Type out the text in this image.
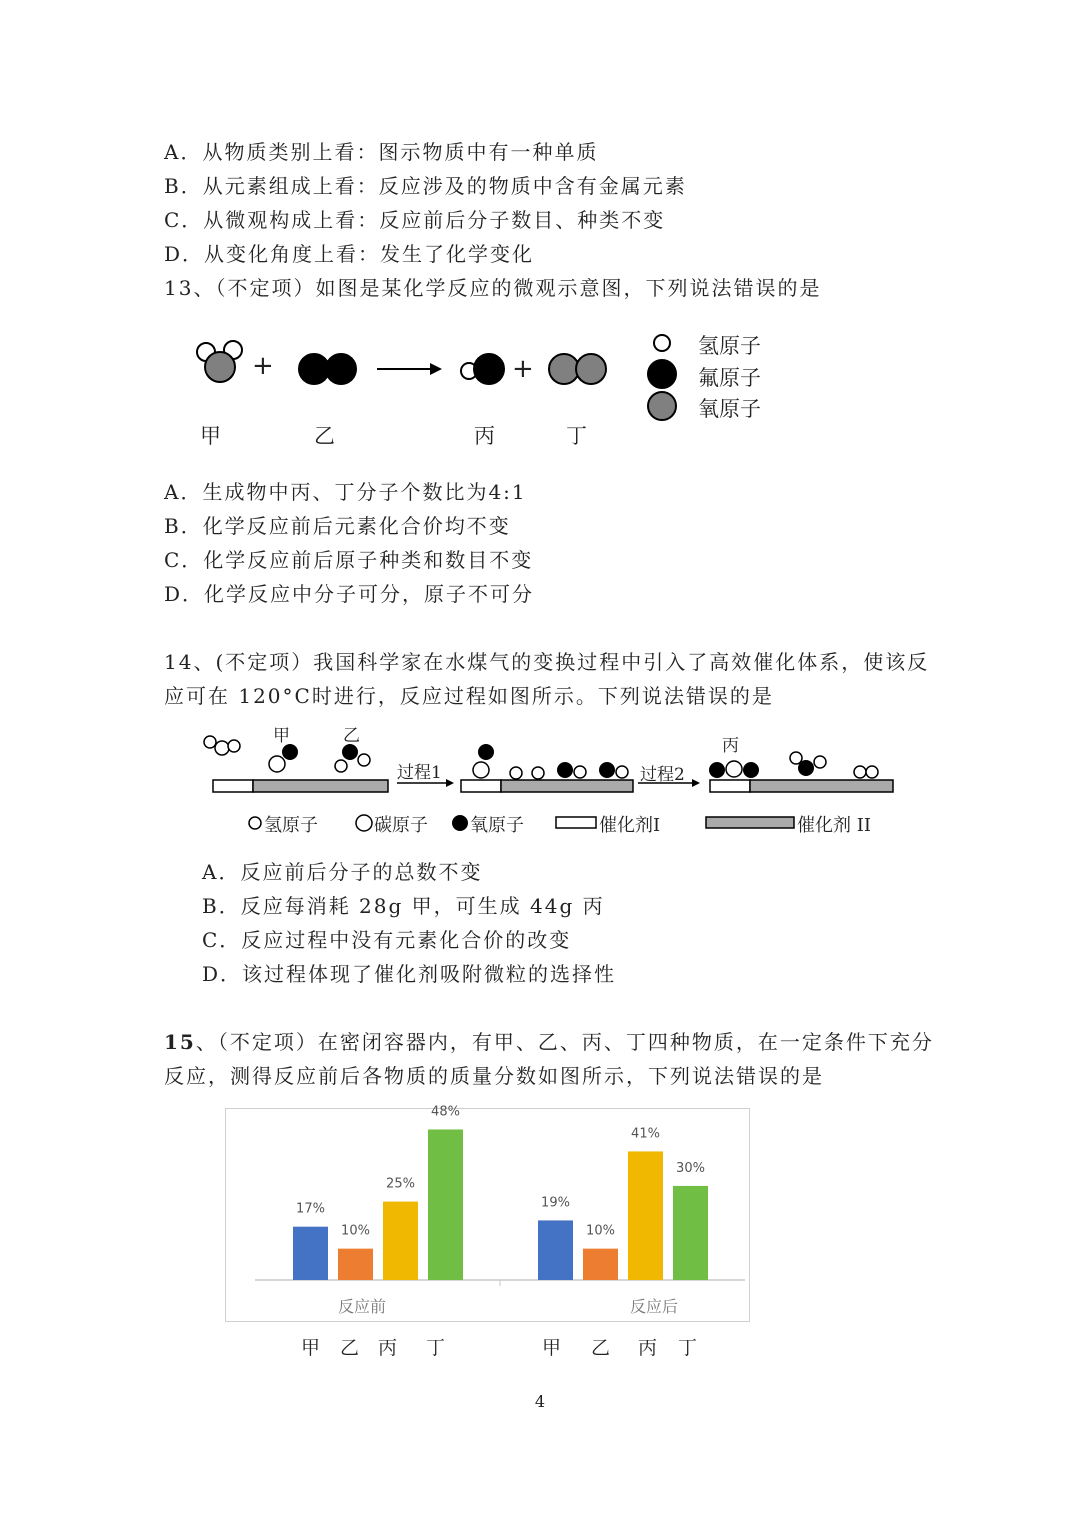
A．从物质类别上看：图示物质中有一种单质
B．从元素组成上看：反应涉及的物质中含有金属元素
C．从微观构成上看：反应前后分子数目、种类不变
D．从变化角度上看：发生了化学变化
13、（不定项）如图是某化学反应的微观示意图，下列说法错误的是
+	+
氢原子
氟原子
氧原子
甲	乙	丙	丁
A．生成物中丙、丁分子个数比为4:1
B．化学反应前后元素化合价均不变
C．化学反应前后原子种类和数目不变
D．化学反应中分子可分，原子不可分
14、(不定项）我国科学家在水煤气的变换过程中引入了高效催化体系，使该反
应可在 120°C时进行，反应过程如图所示。下列说法错误的是
甲	乙	丙
过程1	过程2
氢原子	碳原子 氧原子	催化剂I	催化剂 II
A．反应前后分子的总数不变
B．反应每消耗 28g 甲，可生成 44g 丙
C．反应过程中没有元素化合价的改变
D．该过程体现了催化剂吸附微粒的选择性
15、（不定项）在密闭容器内，有甲、乙、丙、丁四种物质，在一定条件下充分
反应，测得反应前后各物质的质量分数如图所示，下列说法错误的是
17%
10%
25%
48%
19%
10%
41%
30%
反应前	反应后
甲 乙 丙 丁	甲 乙 丙 丁
4
